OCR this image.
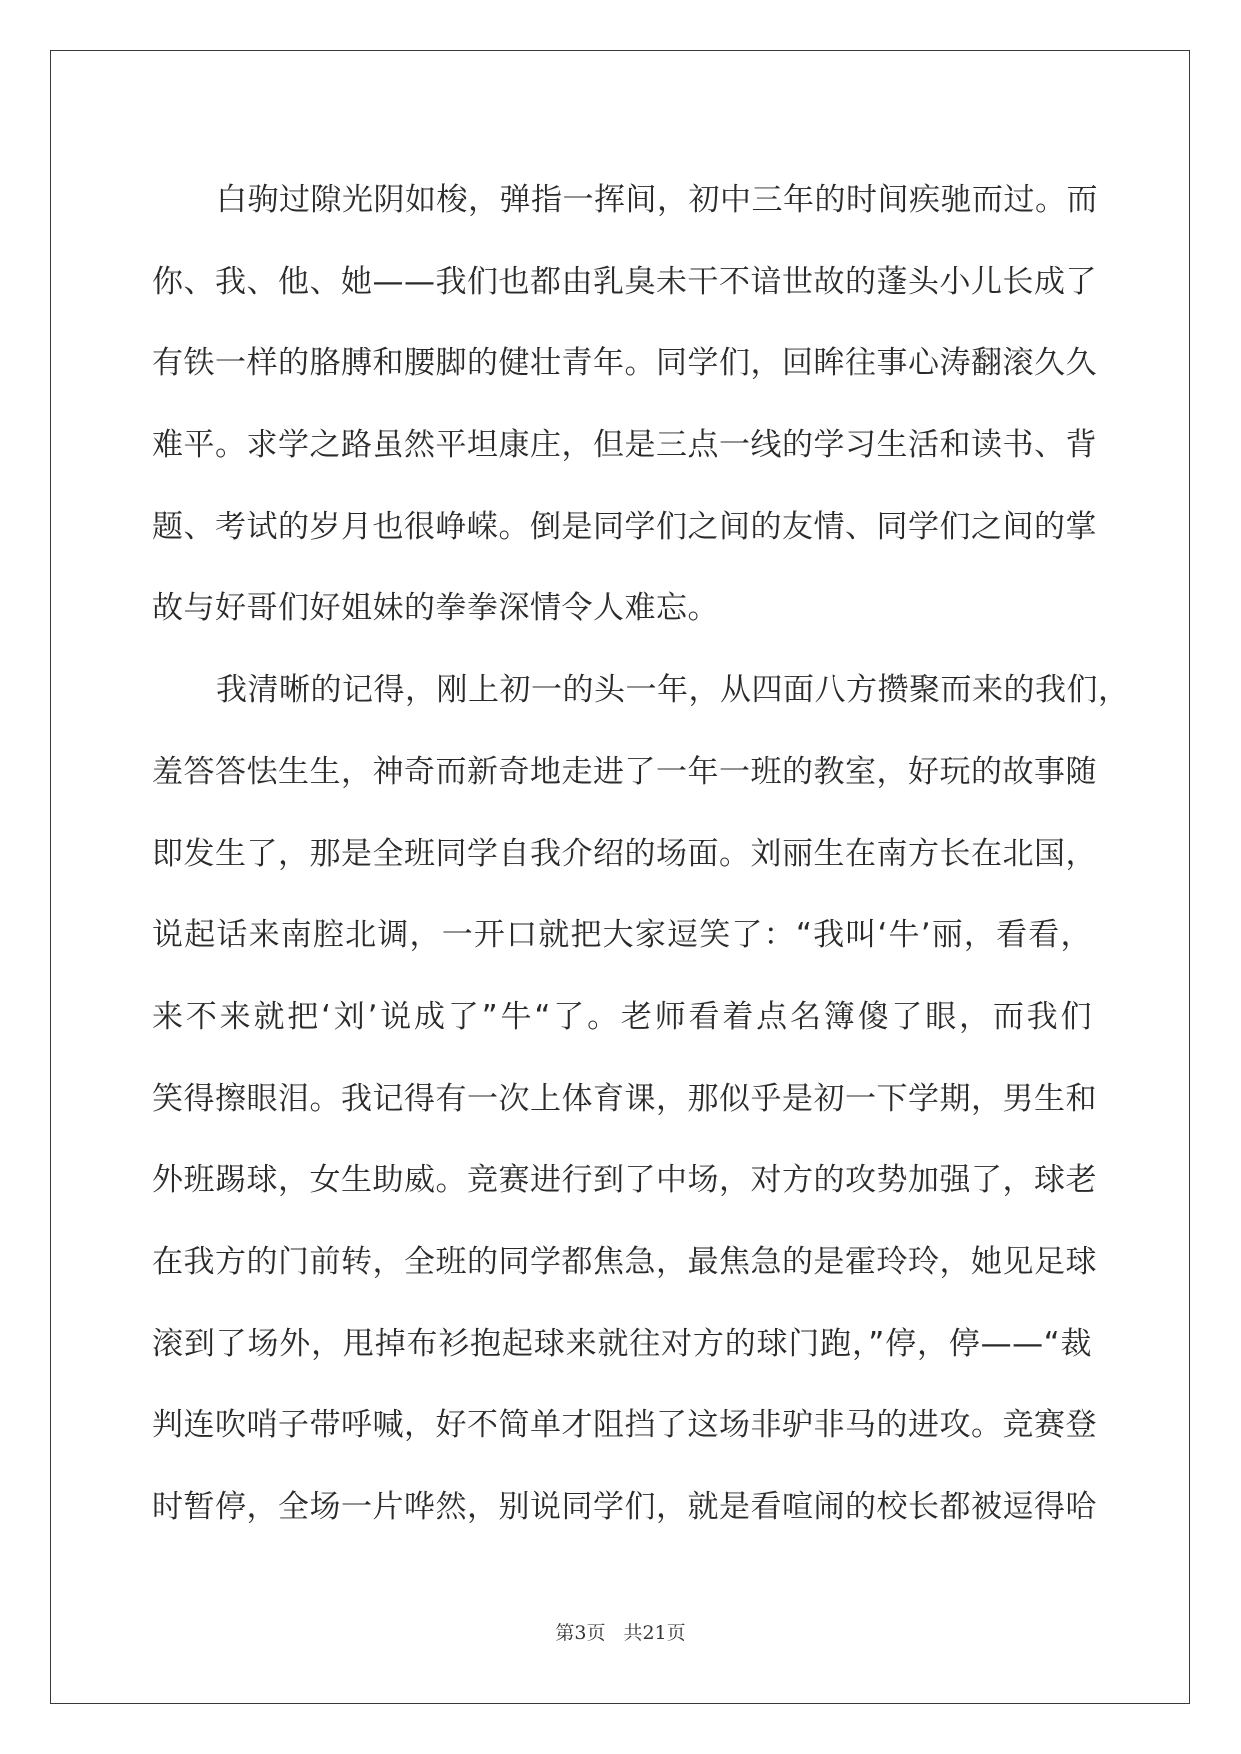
白驹过隙光阴如梭，弹指一挥间，初中三年的时间疾驰而过。而
你、我、他、她——我们也都由乳臭未干不谙世故的蓬头小儿长成了
有铁一样的胳膊和腰脚的健壮青年。同学们，回眸往事心涛翻滚久久
难平。求学之路虽然平坦康庄，但是三点一线的学习生活和读书、背
题、考试的岁月也很峥嵘。倒是同学们之间的友情、同学们之间的掌
故与好哥们好姐妹的拳拳深情令人难忘。
我清晰的记得，刚上初一的头一年，从四面八方攒聚而来的我们，
羞答答怯生生，神奇而新奇地走进了一年一班的教室，好玩的故事随
即发生了，那是全班同学自我介绍的场面。刘丽生在南方长在北国，
说起话来南腔北调，一开口就把大家逗笑了：“我叫‘牛’丽，看看，
来不来就把‘刘’说成了”牛“了。老师看着点名簿傻了眼，而我们
笑得擦眼泪。我记得有一次上体育课，那似乎是初一下学期，男生和
外班踢球，女生助威。竞赛进行到了中场，对方的攻势加强了，球老
在我方的门前转，全班的同学都焦急，最焦急的是霍玲玲，她见足球
滚到了场外，甩掉布衫抱起球来就往对方的球门跑，”停，停——“裁
判连吹哨子带呼喊，好不简单才阻挡了这场非驴非马的进攻。竞赛登
时暂停，全场一片哗然，别说同学们，就是看喧闹的校长都被逗得哈
第3页 共21页
